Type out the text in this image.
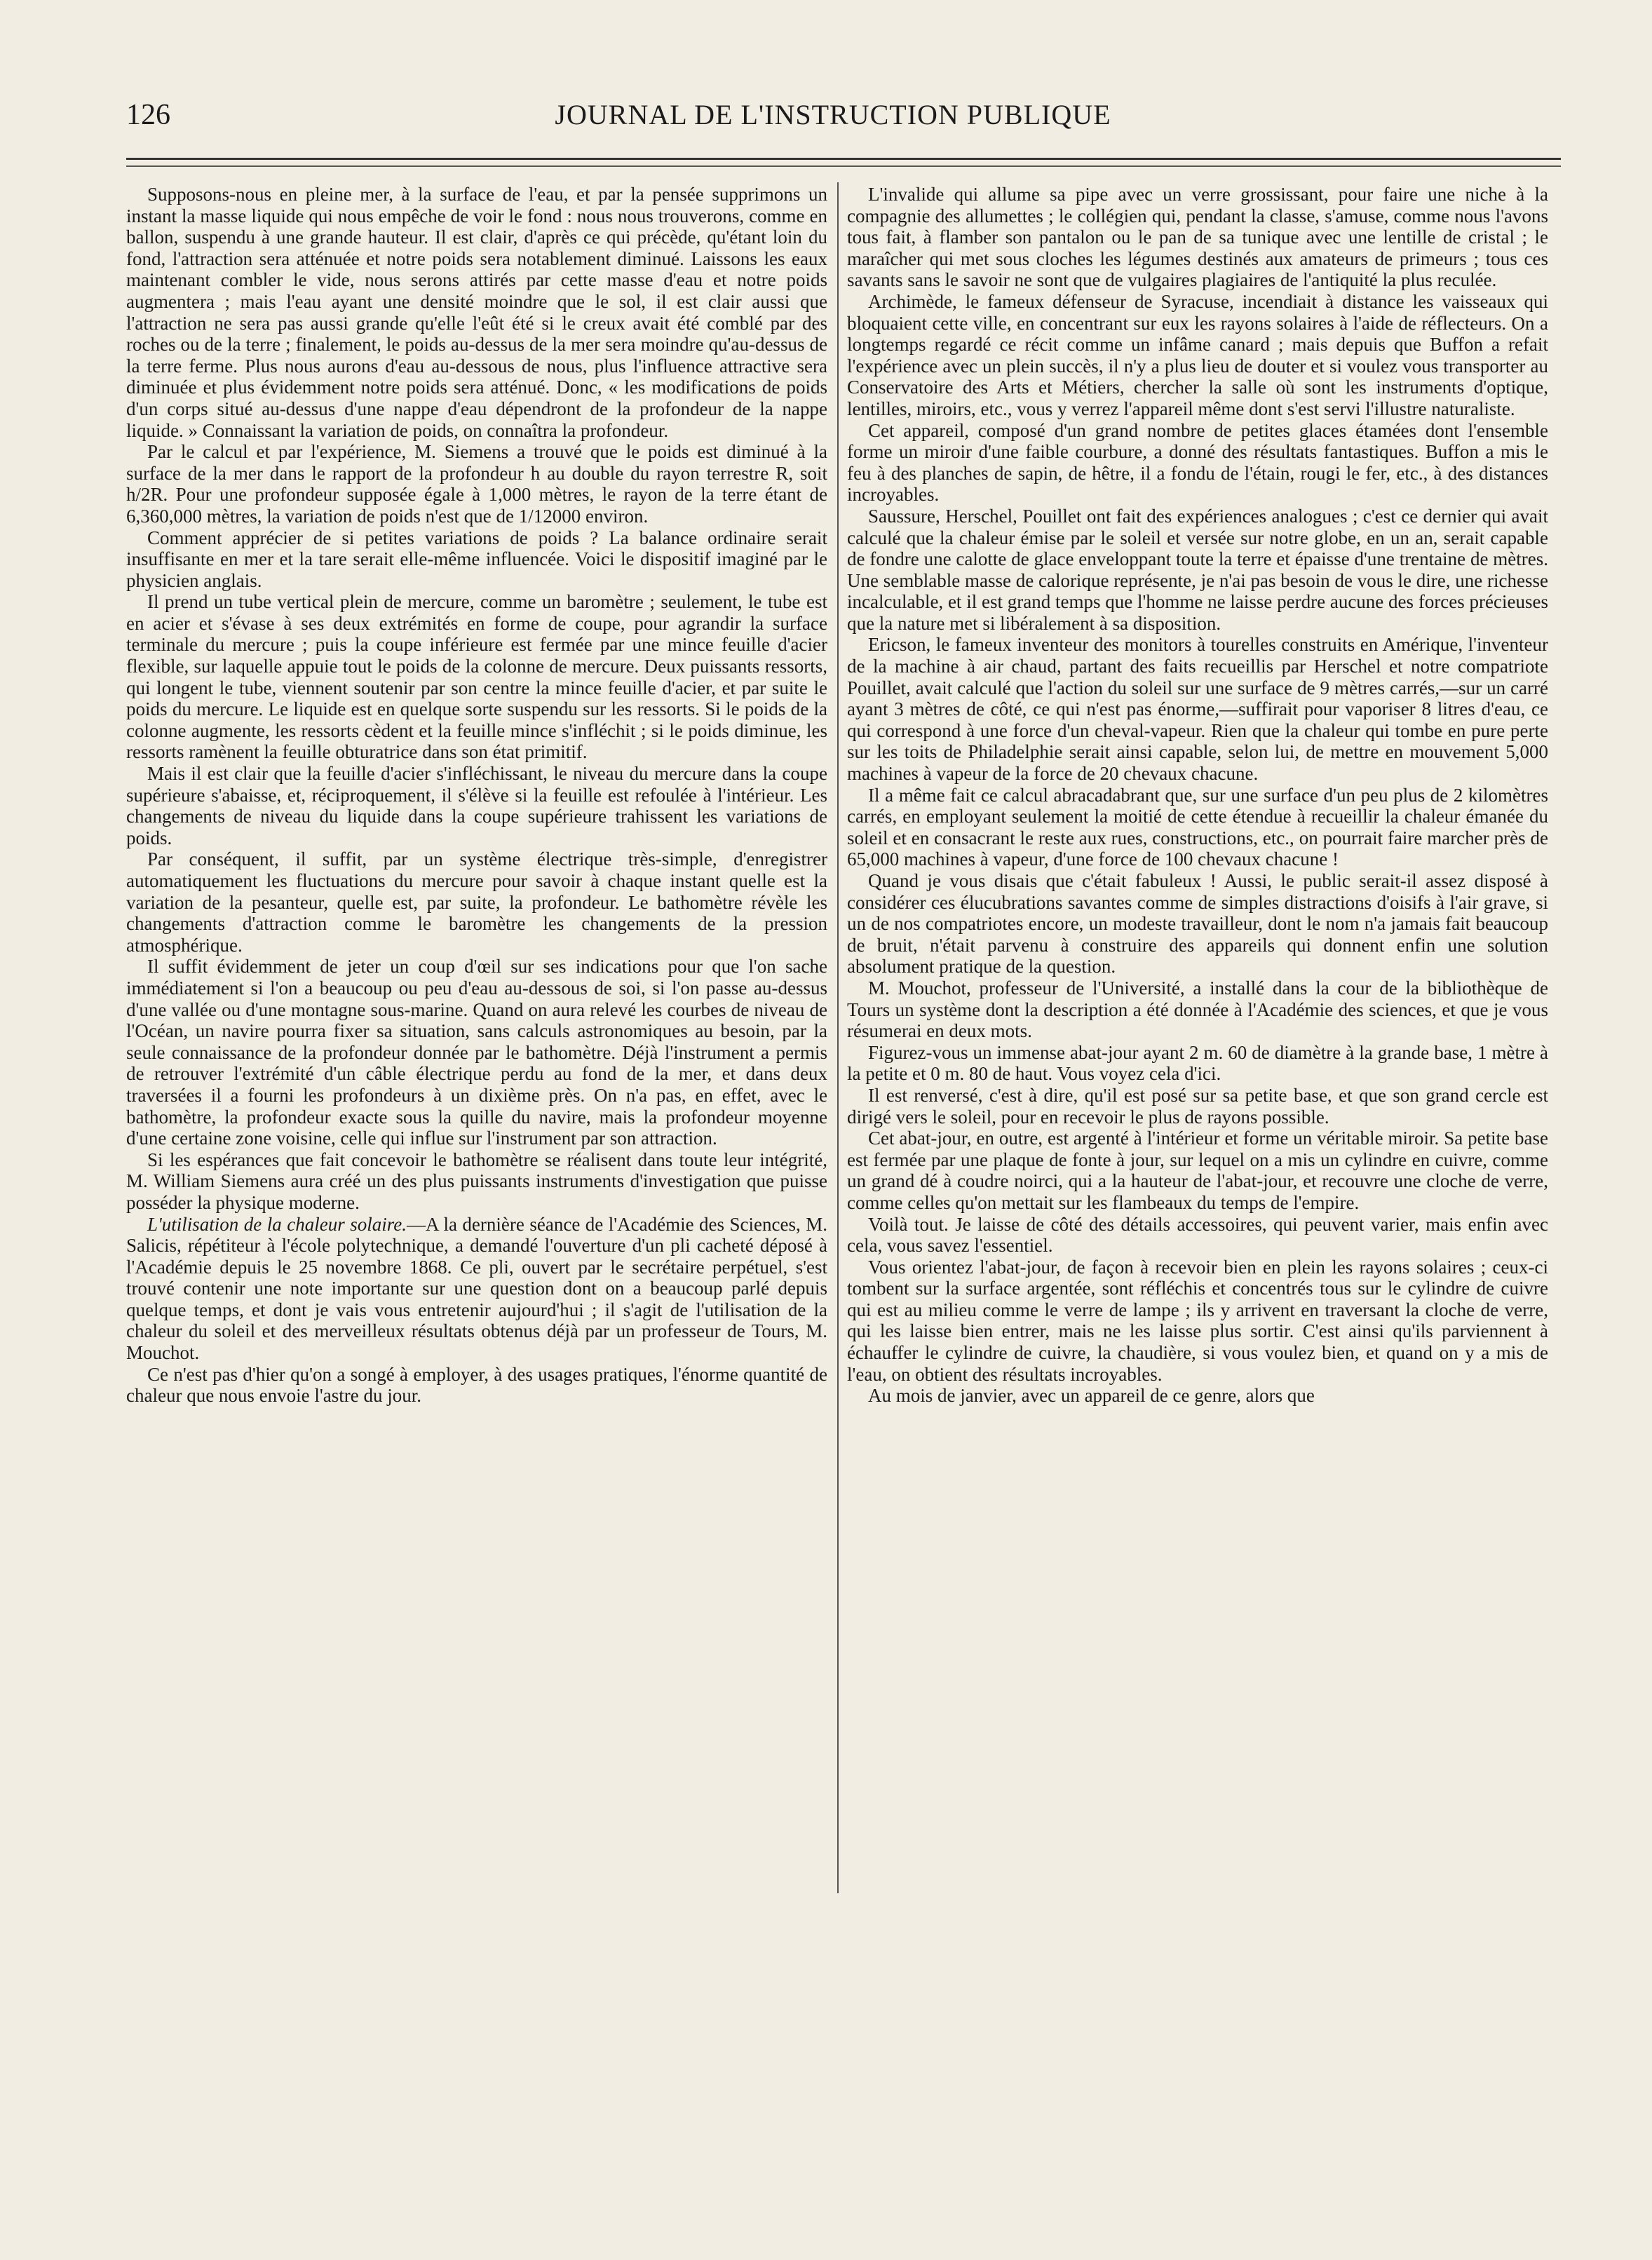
126	JOURNAL DE L'INSTRUCTION PUBLIQUE

Supposons-nous en pleine mer, à la surface de l'eau, et par la pensée supprimons un instant la masse liquide qui nous empêche de voir le fond : nous nous trouverons, comme en ballon, suspendu à une grande hauteur. Il est clair, d'après ce qui précède, qu'étant loin du fond, l'attraction sera atténuée et notre poids sera notablement diminué. Laissons les eaux maintenant combler le vide, nous serons attirés par cette masse d'eau et notre poids augmentera ; mais l'eau ayant une densité moindre que le sol, il est clair aussi que l'attraction ne sera pas aussi grande qu'elle l'eût été si le creux avait été comblé par des roches ou de la terre ; finalement, le poids au-dessus de la mer sera moindre qu'au-dessus de la terre ferme. Plus nous aurons d'eau au-dessous de nous, plus l'influence attractive sera diminuée et plus évidemment notre poids sera atténué. Donc, « les modifications de poids d'un corps situé au-dessus d'une nappe d'eau dépendront de la profondeur de la nappe liquide. » Connaissant la variation de poids, on connaîtra la profondeur.

Par le calcul et par l'expérience, M. Siemens a trouvé que le poids est diminué à la surface de la mer dans le rapport de la profondeur h au double du rayon terrestre R, soit h/2R. Pour une profondeur supposée égale à 1,000 mètres, le rayon de la terre étant de 6,360,000 mètres, la variation de poids n'est que de 1/12000 environ.

Comment apprécier de si petites variations de poids ? La balance ordinaire serait insuffisante en mer et la tare serait elle-même influencée. Voici le dispositif imaginé par le physicien anglais.

Il prend un tube vertical plein de mercure, comme un baromètre ; seulement, le tube est en acier et s'évase à ses deux extrémités en forme de coupe, pour agrandir la surface terminale du mercure ; puis la coupe inférieure est fermée par une mince feuille d'acier flexible, sur laquelle appuie tout le poids de la colonne de mercure. Deux puissants ressorts, qui longent le tube, viennent soutenir par son centre la mince feuille d'acier, et par suite le poids du mercure. Le liquide est en quelque sorte suspendu sur les ressorts. Si le poids de la colonne augmente, les ressorts cèdent et la feuille mince s'infléchit ; si le poids diminue, les ressorts ramènent la feuille obturatrice dans son état primitif.

Mais il est clair que la feuille d'acier s'infléchissant, le niveau du mercure dans la coupe supérieure s'abaisse, et, réciproquement, il s'élève si la feuille est refoulée à l'intérieur. Les changements de niveau du liquide dans la coupe supérieure trahissent les variations de poids.

Par conséquent, il suffit, par un système électrique très-simple, d'enregistrer automatiquement les fluctuations du mercure pour savoir à chaque instant quelle est la variation de la pesanteur, quelle est, par suite, la profondeur. Le bathomètre révèle les changements d'attraction comme le baromètre les changements de la pression atmosphérique.

Il suffit évidemment de jeter un coup d'œil sur ses indications pour que l'on sache immédiatement si l'on a beaucoup ou peu d'eau au-dessous de soi, si l'on passe au-dessus d'une vallée ou d'une montagne sous-marine. Quand on aura relevé les courbes de niveau de l'Océan, un navire pourra fixer sa situation, sans calculs astronomiques au besoin, par la seule connaissance de la profondeur donnée par le bathomètre. Déjà l'instrument a permis de retrouver l'extrémité d'un câble électrique perdu au fond de la mer, et dans deux traversées il a fourni les profondeurs à un dixième près. On n'a pas, en effet, avec le bathomètre, la profondeur exacte sous la quille du navire, mais la profondeur moyenne d'une certaine zone voisine, celle qui influe sur l'instrument par son attraction.

Si les espérances que fait concevoir le bathomètre se réalisent dans toute leur intégrité, M. William Siemens aura créé un des plus puissants instruments d'investigation que puisse posséder la physique moderne.

L'utilisation de la chaleur solaire.—A la dernière séance de l'Académie des Sciences, M. Salicis, répétiteur à l'école polytechnique, a demandé l'ouverture d'un pli cacheté déposé à l'Académie depuis le 25 novembre 1868. Ce pli, ouvert par le secrétaire perpétuel, s'est trouvé contenir une note importante sur une question dont on a beaucoup parlé depuis quelque temps, et dont je vais vous entretenir aujourd'hui ; il s'agit de l'utilisation de la chaleur du soleil et des merveilleux résultats obtenus déjà par un professeur de Tours, M. Mouchot.

Ce n'est pas d'hier qu'on a songé à employer, à des usages pratiques, l'énorme quantité de chaleur que nous envoie l'astre du jour.

L'invalide qui allume sa pipe avec un verre grossissant, pour faire une niche à la compagnie des allumettes ; le collégien qui, pendant la classe, s'amuse, comme nous l'avons tous fait, à flamber son pantalon ou le pan de sa tunique avec une lentille de cristal ; le maraîcher qui met sous cloches les légumes destinés aux amateurs de primeurs ; tous ces savants sans le savoir ne sont que de vulgaires plagiaires de l'antiquité la plus reculée.

Archimède, le fameux défenseur de Syracuse, incendiait à distance les vaisseaux qui bloquaient cette ville, en concentrant sur eux les rayons solaires à l'aide de réflecteurs. On a longtemps regardé ce récit comme un infâme canard ; mais depuis que Buffon a refait l'expérience avec un plein succès, il n'y a plus lieu de douter et si voulez vous transporter au Conservatoire des Arts et Métiers, chercher la salle où sont les instruments d'optique, lentilles, miroirs, etc., vous y verrez l'appareil même dont s'est servi l'illustre naturaliste.

Cet appareil, composé d'un grand nombre de petites glaces étamées dont l'ensemble forme un miroir d'une faible courbure, a donné des résultats fantastiques. Buffon a mis le feu à des planches de sapin, de hêtre, il a fondu de l'étain, rougi le fer, etc., à des distances incroyables.

Saussure, Herschel, Pouillet ont fait des expériences analogues ; c'est ce dernier qui avait calculé que la chaleur émise par le soleil et versée sur notre globe, en un an, serait capable de fondre une calotte de glace enveloppant toute la terre et épaisse d'une trentaine de mètres. Une semblable masse de calorique représente, je n'ai pas besoin de vous le dire, une richesse incalculable, et il est grand temps que l'homme ne laisse perdre aucune des forces précieuses que la nature met si libéralement à sa disposition.

Ericson, le fameux inventeur des monitors à tourelles construits en Amérique, l'inventeur de la machine à air chaud, partant des faits recueillis par Herschel et notre compatriote Pouillet, avait calculé que l'action du soleil sur une surface de 9 mètres carrés,—sur un carré ayant 3 mètres de côté, ce qui n'est pas énorme,—suffirait pour vaporiser 8 litres d'eau, ce qui correspond à une force d'un cheval-vapeur. Rien que la chaleur qui tombe en pure perte sur les toits de Philadelphie serait ainsi capable, selon lui, de mettre en mouvement 5,000 machines à vapeur de la force de 20 chevaux chacune.

Il a même fait ce calcul abracadabrant que, sur une surface d'un peu plus de 2 kilomètres carrés, en employant seulement la moitié de cette étendue à recueillir la chaleur émanée du soleil et en consacrant le reste aux rues, constructions, etc., on pourrait faire marcher près de 65,000 machines à vapeur, d'une force de 100 chevaux chacune !

Quand je vous disais que c'était fabuleux ! Aussi, le public serait-il assez disposé à considérer ces élucubrations savantes comme de simples distractions d'oisifs à l'air grave, si un de nos compatriotes encore, un modeste travailleur, dont le nom n'a jamais fait beaucoup de bruit, n'était parvenu à construire des appareils qui donnent enfin une solution absolument pratique de la question.

M. Mouchot, professeur de l'Université, a installé dans la cour de la bibliothèque de Tours un système dont la description a été donnée à l'Académie des sciences, et que je vous résumerai en deux mots.

Figurez-vous un immense abat-jour ayant 2 m. 60 de diamètre à la grande base, 1 mètre à la petite et 0 m. 80 de haut. Vous voyez cela d'ici.

Il est renversé, c'est à dire, qu'il est posé sur sa petite base, et que son grand cercle est dirigé vers le soleil, pour en recevoir le plus de rayons possible.

Cet abat-jour, en outre, est argenté à l'intérieur et forme un véritable miroir. Sa petite base est fermée par une plaque de fonte à jour, sur lequel on a mis un cylindre en cuivre, comme un grand dé à coudre noirci, qui a la hauteur de l'abat-jour, et recouvre une cloche de verre, comme celles qu'on mettait sur les flambeaux du temps de l'empire.

Voilà tout. Je laisse de côté des détails accessoires, qui peuvent varier, mais enfin avec cela, vous savez l'essentiel.

Vous orientez l'abat-jour, de façon à recevoir bien en plein les rayons solaires ; ceux-ci tombent sur la surface argentée, sont réfléchis et concentrés tous sur le cylindre de cuivre qui est au milieu comme le verre de lampe ; ils y arrivent en traversant la cloche de verre, qui les laisse bien entrer, mais ne les laisse plus sortir. C'est ainsi qu'ils parviennent à échauffer le cylindre de cuivre, la chaudière, si vous voulez bien, et quand on y a mis de l'eau, on obtient des résultats incroyables.

Au mois de janvier, avec un appareil de ce genre, alors que
